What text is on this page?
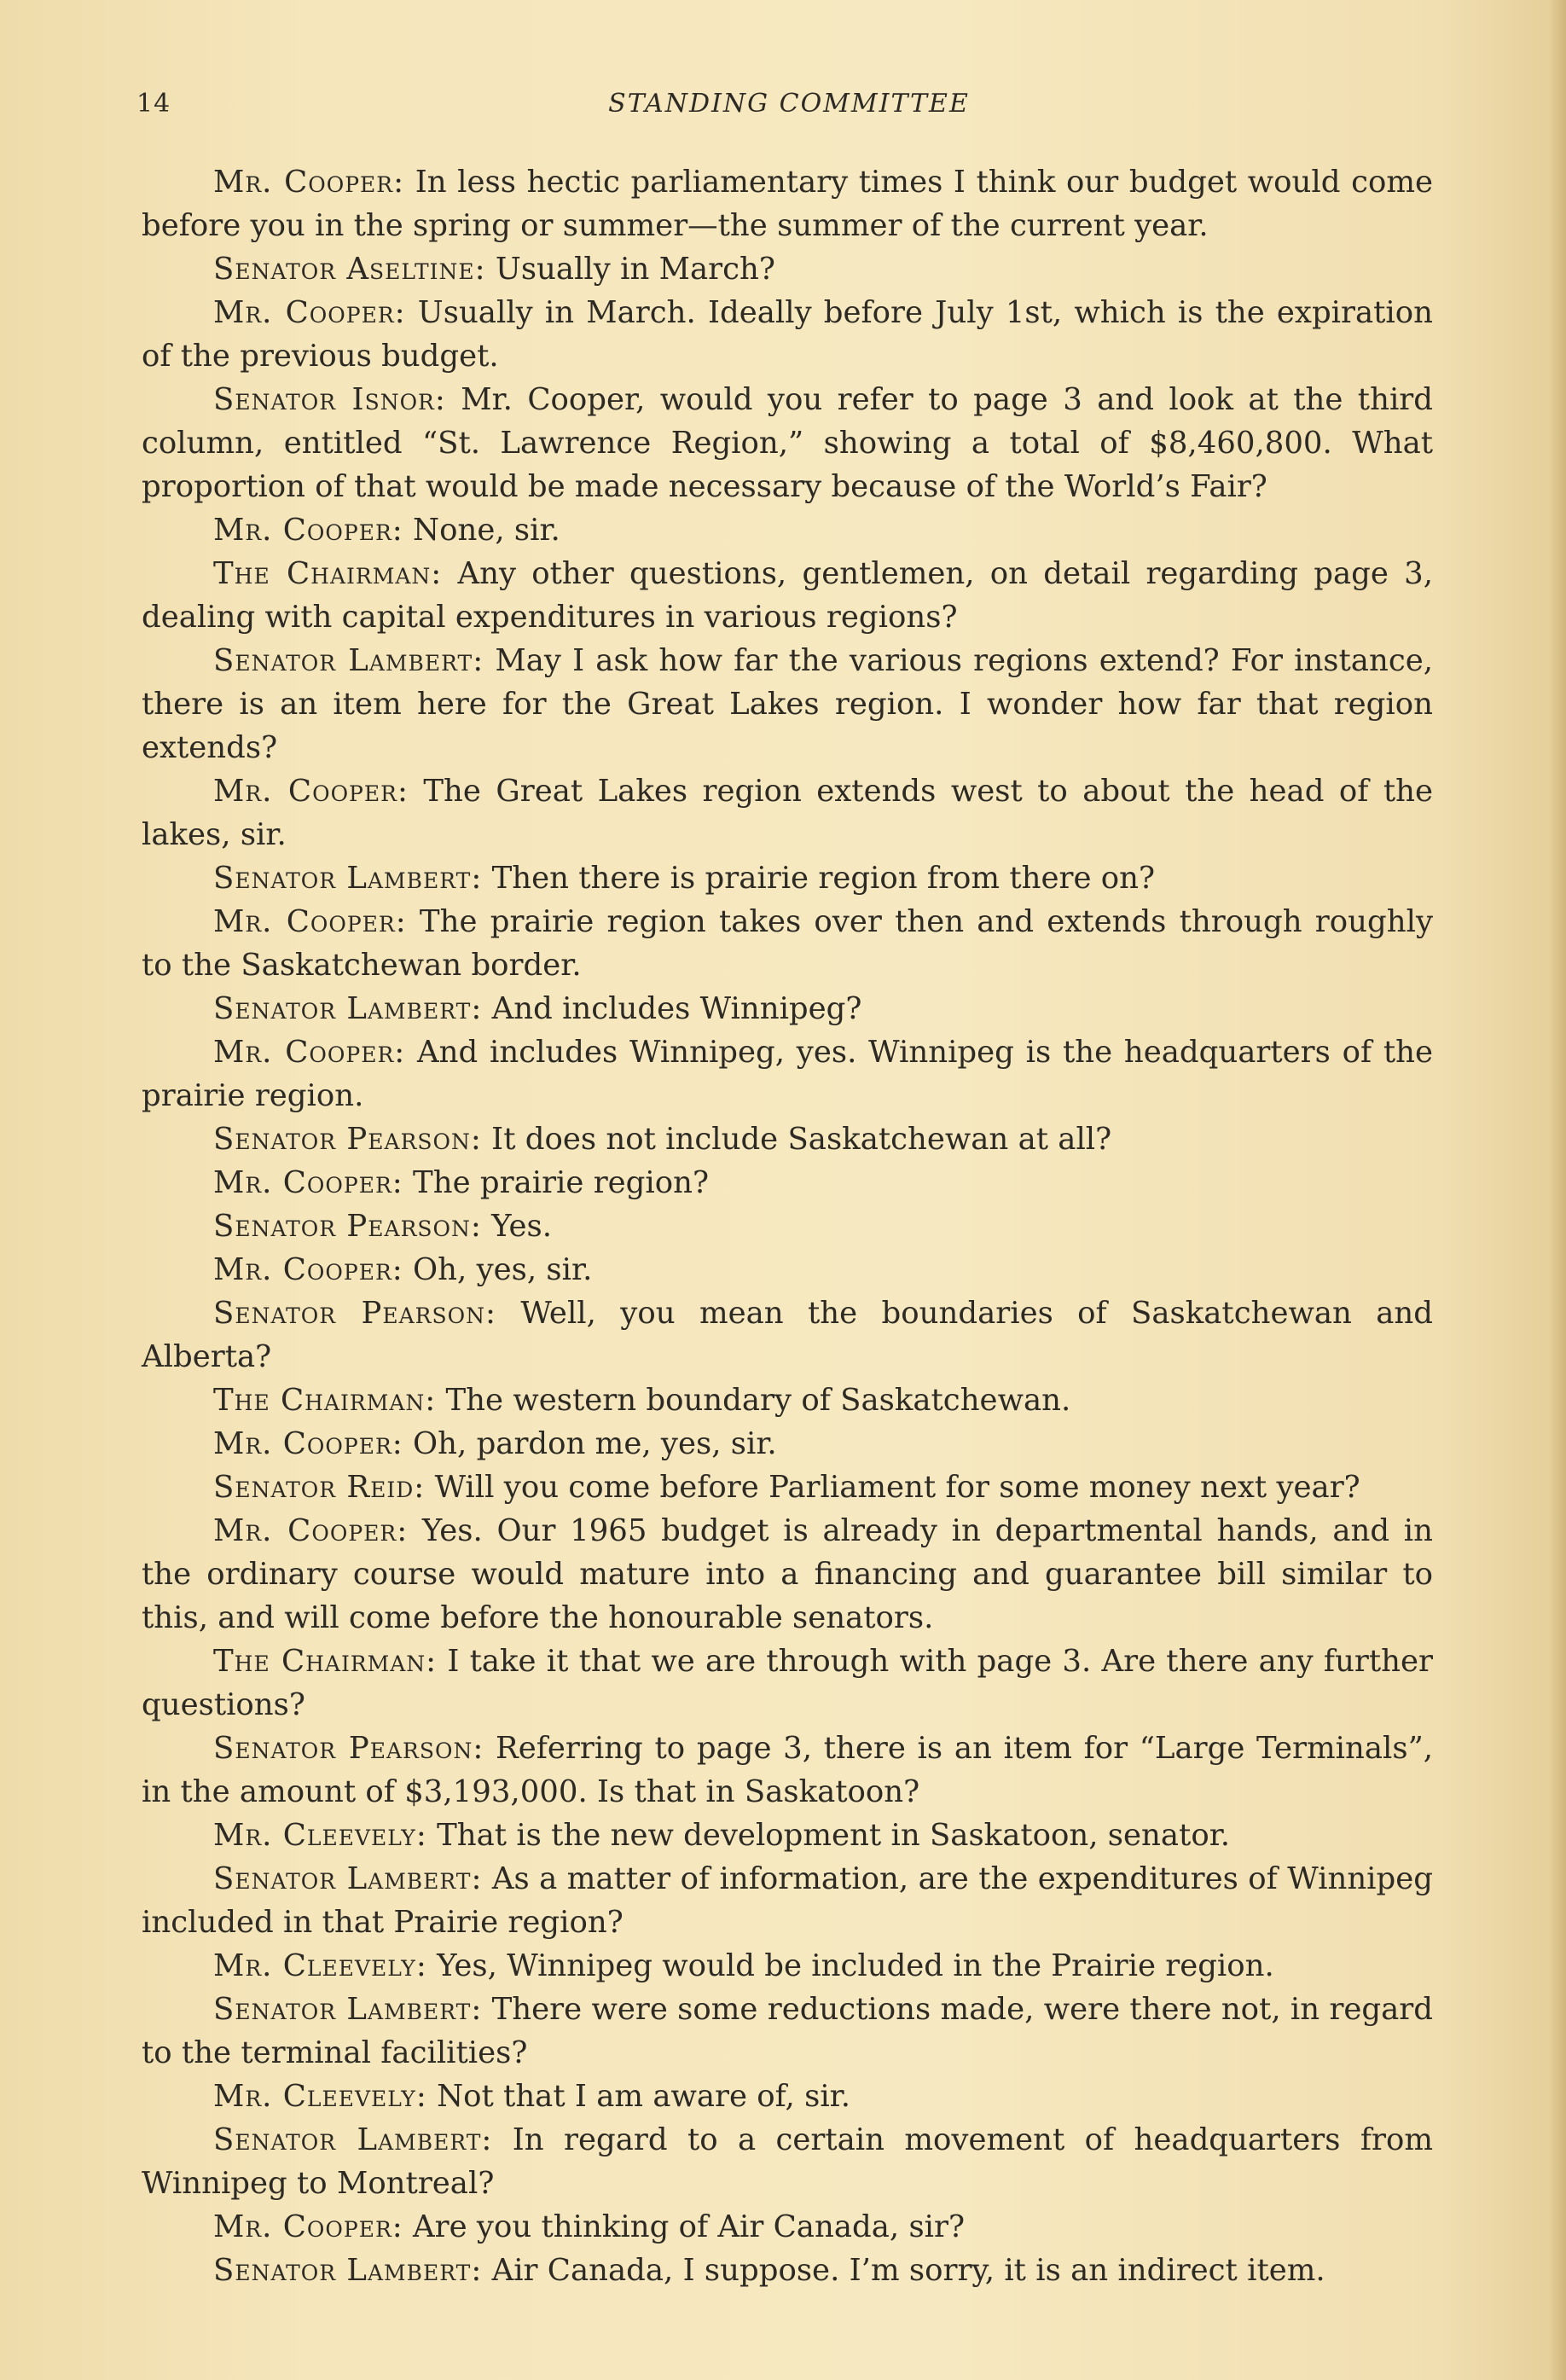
14	STANDING COMMITTEE

Mr. Cooper: In less hectic parliamentary times I think our budget would come before you in the spring or summer—the summer of the current year.

Senator Aseltine: Usually in March?

Mr. Cooper: Usually in March. Ideally before July 1st, which is the expiration of the previous budget.

Senator Isnor: Mr. Cooper, would you refer to page 3 and look at the third column, entitled “St. Lawrence Region,” showing a total of $8,460,800. What proportion of that would be made necessary because of the World’s Fair?

Mr. Cooper: None, sir.

The Chairman: Any other questions, gentlemen, on detail regarding page 3, dealing with capital expenditures in various regions?

Senator Lambert: May I ask how far the various regions extend? For instance, there is an item here for the Great Lakes region. I wonder how far that region extends?

Mr. Cooper: The Great Lakes region extends west to about the head of the lakes, sir.

Senator Lambert: Then there is prairie region from there on?

Mr. Cooper: The prairie region takes over then and extends through roughly to the Saskatchewan border.

Senator Lambert: And includes Winnipeg?

Mr. Cooper: And includes Winnipeg, yes. Winnipeg is the headquarters of the prairie region.

Senator Pearson: It does not include Saskatchewan at all?

Mr. Cooper: The prairie region?

Senator Pearson: Yes.

Mr. Cooper: Oh, yes, sir.

Senator Pearson: Well, you mean the boundaries of Saskatchewan and Alberta?

The Chairman: The western boundary of Saskatchewan.

Mr. Cooper: Oh, pardon me, yes, sir.

Senator Reid: Will you come before Parliament for some money next year?

Mr. Cooper: Yes. Our 1965 budget is already in departmental hands, and in the ordinary course would mature into a financing and guarantee bill similar to this, and will come before the honourable senators.

The Chairman: I take it that we are through with page 3. Are there any further questions?

Senator Pearson: Referring to page 3, there is an item for “Large Terminals”, in the amount of $3,193,000. Is that in Saskatoon?

Mr. Cleevely: That is the new development in Saskatoon, senator.

Senator Lambert: As a matter of information, are the expenditures of Winnipeg included in that Prairie region?

Mr. Cleevely: Yes, Winnipeg would be included in the Prairie region.

Senator Lambert: There were some reductions made, were there not, in regard to the terminal facilities?

Mr. Cleevely: Not that I am aware of, sir.

Senator Lambert: In regard to a certain movement of headquarters from Winnipeg to Montreal?

Mr. Cooper: Are you thinking of Air Canada, sir?

Senator Lambert: Air Canada, I suppose. I’m sorry, it is an indirect item.
